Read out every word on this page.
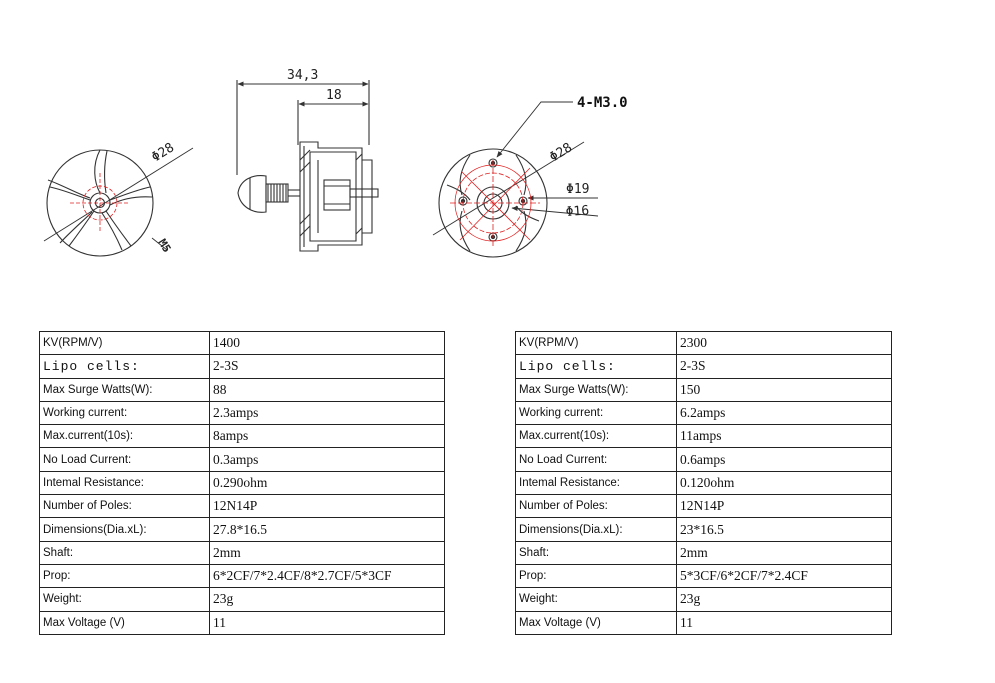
Φ28
M5
34,3
18	4-M3.0
Φ28
Φ19
Φ16
KV(RPM/V)	1400
Lipo cells:	2-3S
Max Surge Watts(W):	88
Working current:	2.3amps
Max.current(10s):	8amps
No Load Current:	0.3amps
Intemal Resistance:	0.290ohm
Number of Poles:	12N14P
Dimensions(Dia.xL):	27.8*16.5
Shaft:	2mm
Prop:	6*2CF/7*2.4CF/8*2.7CF/5*3CF
Weight:	23g
Max Voltage (V)	11
KV(RPM/V)	2300
Lipo cells:	2-3S
Max Surge Watts(W):	150
Working current:	6.2amps
Max.current(10s):	11amps
No Load Current:	0.6amps
Intemal Resistance:	0.120ohm
Number of Poles:	12N14P
Dimensions(Dia.xL):	23*16.5
Shaft:	2mm
Prop:	5*3CF/6*2CF/7*2.4CF
Weight:	23g
Max Voltage (V)	11
